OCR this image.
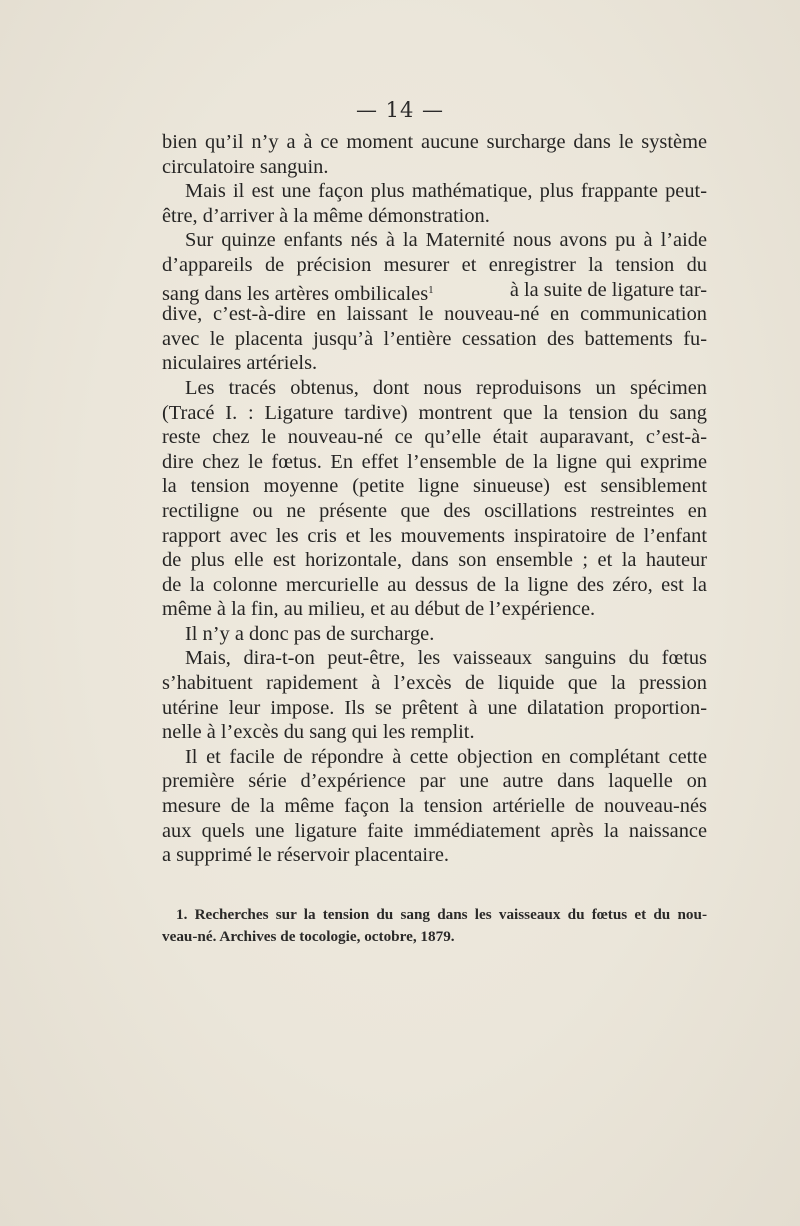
— 14 —
bien qu’il n’y a à ce moment aucune surcharge dans le système
circulatoire sanguin.
Mais il est une façon plus mathématique, plus frappante peut-
être, d’arriver à la même démonstration.
Sur quinze enfants nés à la Maternité nous avons pu à l’aide
d’appareils de précision mesurer et enregistrer la tension du
sang dans les artères ombilicales$^1$	à la suite de ligature tar-
dive, c’est-à-dire en laissant le nouveau-né en communication
avec le placenta jusqu’à l’entière cessation des battements fu-
niculaires artériels.
Les tracés obtenus, dont nous reproduisons un spécimen
(Tracé I. : Ligature tardive) montrent que la tension du sang
reste chez le nouveau-né ce qu’elle était auparavant, c’est-à-
dire chez le fœtus. En effet l’ensemble de la ligne qui exprime
la tension moyenne (petite ligne sinueuse) est sensiblement
rectiligne ou ne présente que des oscillations restreintes en
rapport avec les cris et les mouvements inspiratoire de l’enfant
de plus elle est horizontale, dans son ensemble ; et la hauteur
de la colonne mercurielle au dessus de la ligne des zéro, est la
même à la fin, au milieu, et au début de l’expérience.
Il n’y a donc pas de surcharge.
Mais, dira-t-on peut-être, les vaisseaux sanguins du fœtus
s’habituent rapidement à l’excès de liquide que la pression
utérine leur impose. Ils se prêtent à une dilatation proportion-
nelle à l’excès du sang qui les remplit.
Il et facile de répondre à cette objection en complétant cette
première série d’expérience par une autre dans laquelle on
mesure de la même façon la tension artérielle de nouveau-nés
aux quels une ligature faite immédiatement après la naissance
a supprimé le réservoir placentaire.
1. Recherches sur la tension du sang dans les vaisseaux du fœtus et du nou-
veau-né. Archives de tocologie, octobre, 1879.
